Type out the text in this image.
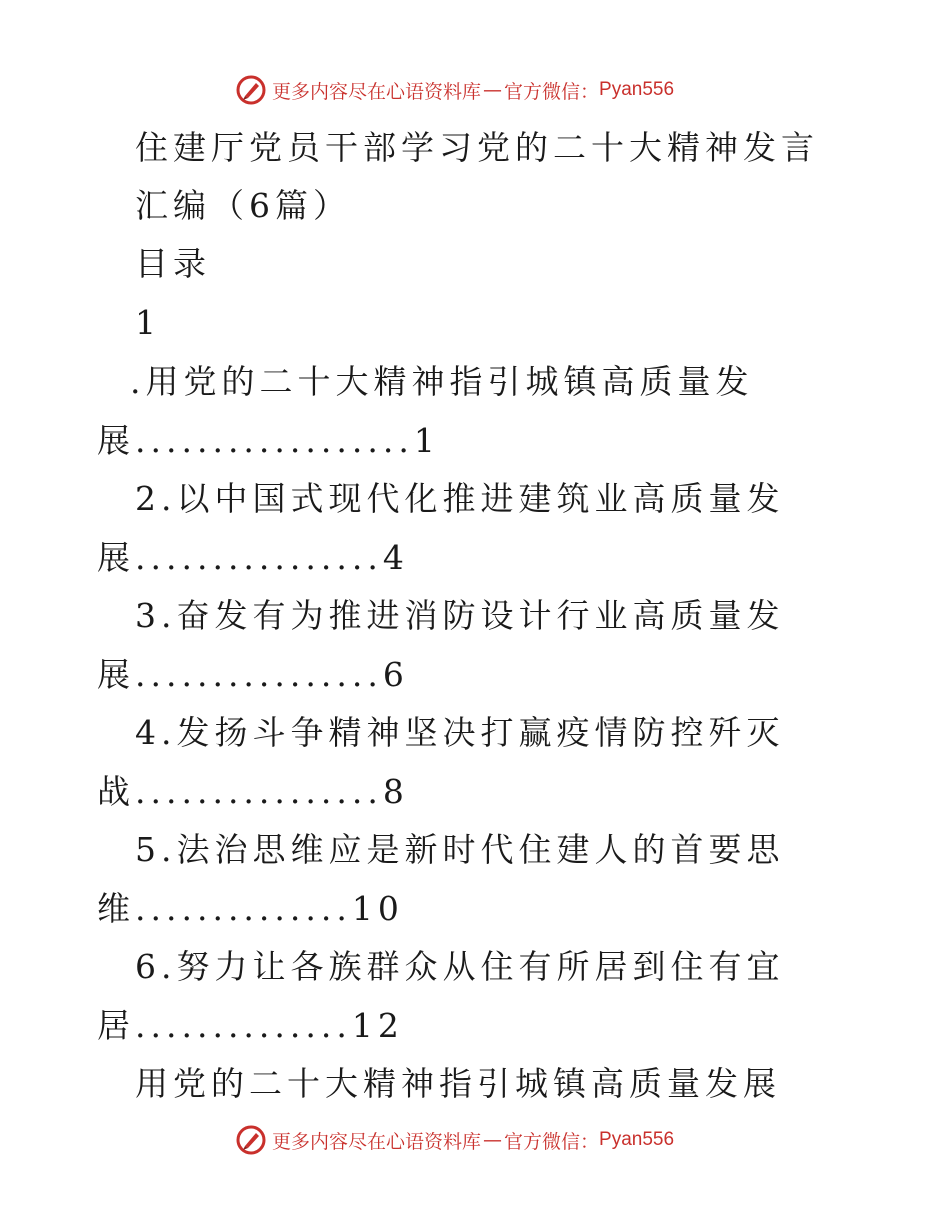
更多内容尽在心语资料库 — 官方微信： Pyan556
住建厅党员干部学习党的二十大精神发言
汇编（6篇）
目录
1
.用党的二十大精神指引城镇高质量发
展..................1
2.以中国式现代化推进建筑业高质量发
展................4
3.奋发有为推进消防设计行业高质量发
展................6
4.发扬斗争精神坚决打赢疫情防控歼灭
战................8
5.法治思维应是新时代住建人的首要思
维..............10
6.努力让各族群众从住有所居到住有宜
居..............12
用党的二十大精神指引城镇高质量发展
更多内容尽在心语资料库 — 官方微信： Pyan556
